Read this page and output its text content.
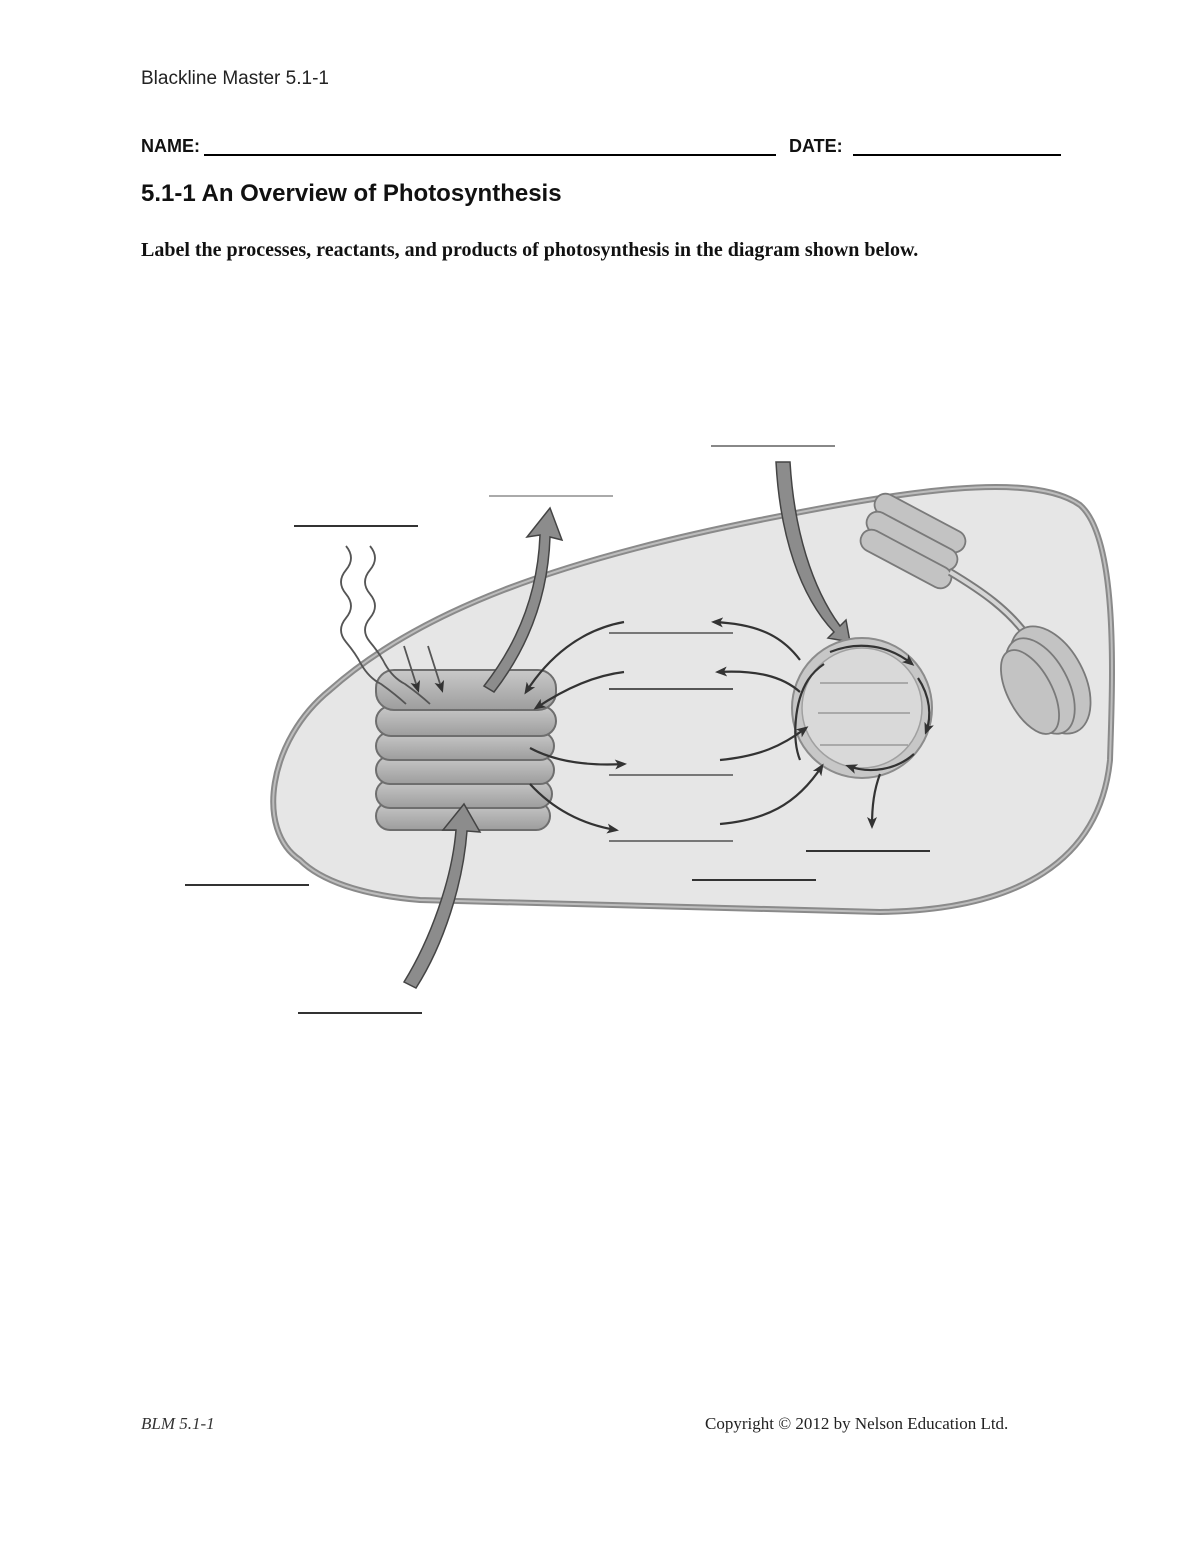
Blackline Master 5.1-1
NAME:	DATE:
5.1-1 An Overview of Photosynthesis

Label the processes, reactants, and products of photosynthesis in the diagram shown below.

BLM 5.1-1	Copyright © 2012 by Nelson Education Ltd.
